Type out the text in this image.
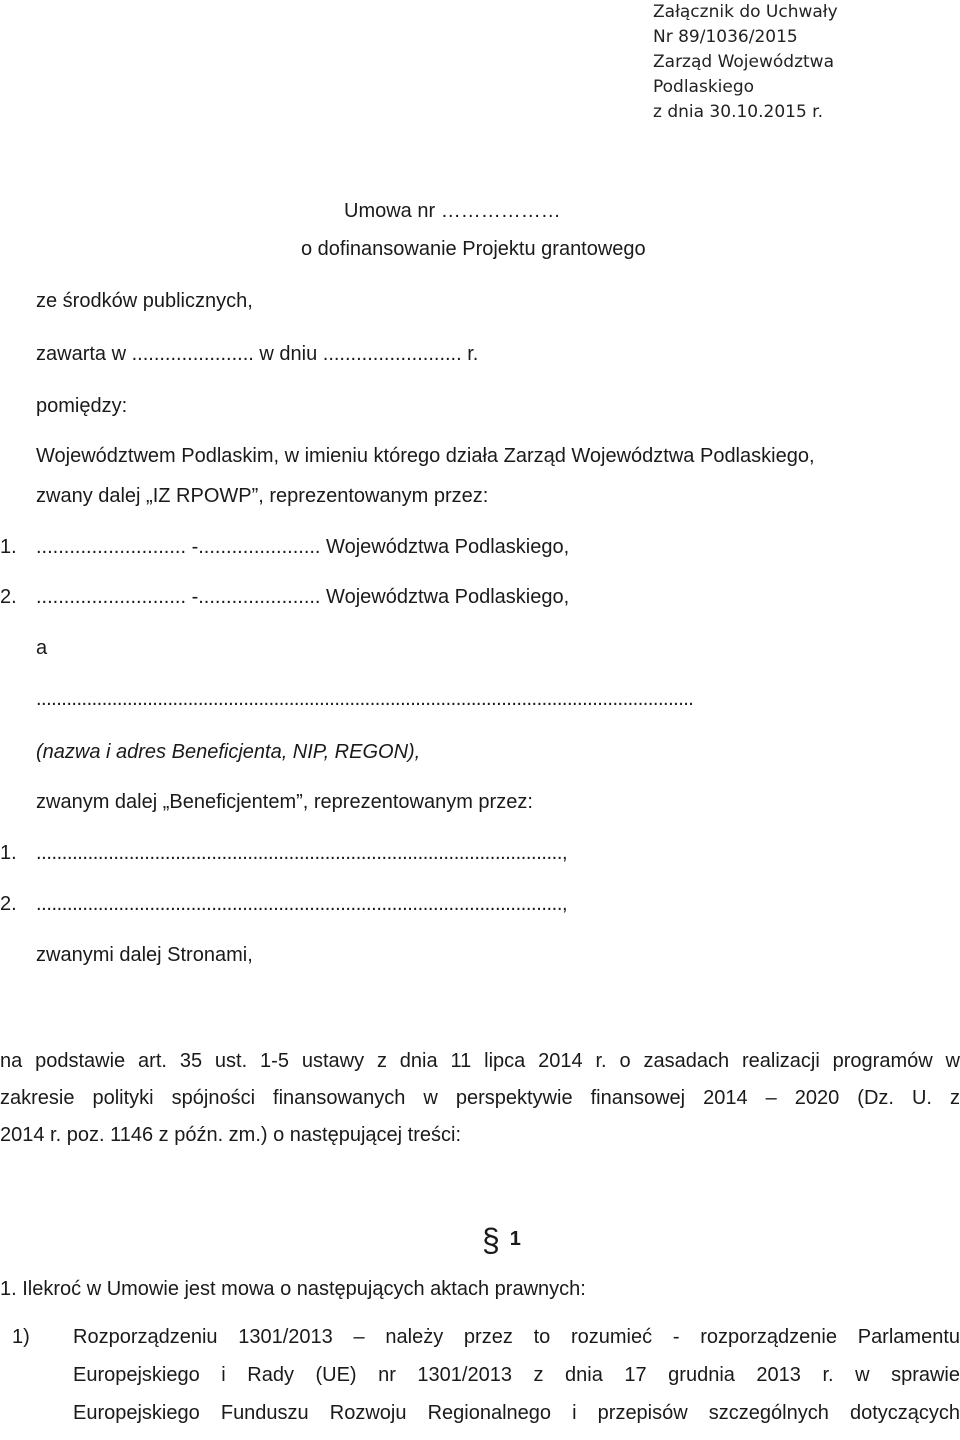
Załącznik do Uchwały
Nr 89/1036/2015
Zarząd Województwa
Podlaskiego
z dnia 30.10.2015 r.
Umowa nr ………………
o dofinansowanie Projektu grantowego
ze środków publicznych,
zawarta w ...................... w dniu ......................... r.
pomiędzy:
Województwem Podlaskim, w imieniu którego działa Zarząd Województwa Podlaskiego,
zwany dalej „IZ RPOWP”, reprezentowanym przez:
1. ........................... -...................... Województwa Podlaskiego,
2. ........................... -...................... Województwa Podlaskiego,
a
..................................................................................................................................
(nazwa i adres Beneficjenta, NIP, REGON),
zwanym dalej „Beneficjentem”, reprezentowanym przez:
1. ......................................................................................................,
2. ......................................................................................................,
zwanymi dalej Stronami,
na podstawie art. 35 ust. 1-5 ustawy z dnia 11 lipca 2014 r. o zasadach realizacji programów w
zakresie polityki spójności finansowanych w perspektywie finansowej 2014 – 2020 (Dz. U. z
2014 r. poz. 1146 z późn. zm.) o następującej treści:
§ 1
1. Ilekroć w Umowie jest mowa o następujących aktach prawnych:
1) Rozporządzeniu 1301/2013 – należy przez to rozumieć - rozporządzenie Parlamentu
Europejskiego i Rady (UE) nr 1301/2013 z dnia 17 grudnia 2013 r. w sprawie
Europejskiego Funduszu Rozwoju Regionalnego i przepisów szczególnych dotyczących
